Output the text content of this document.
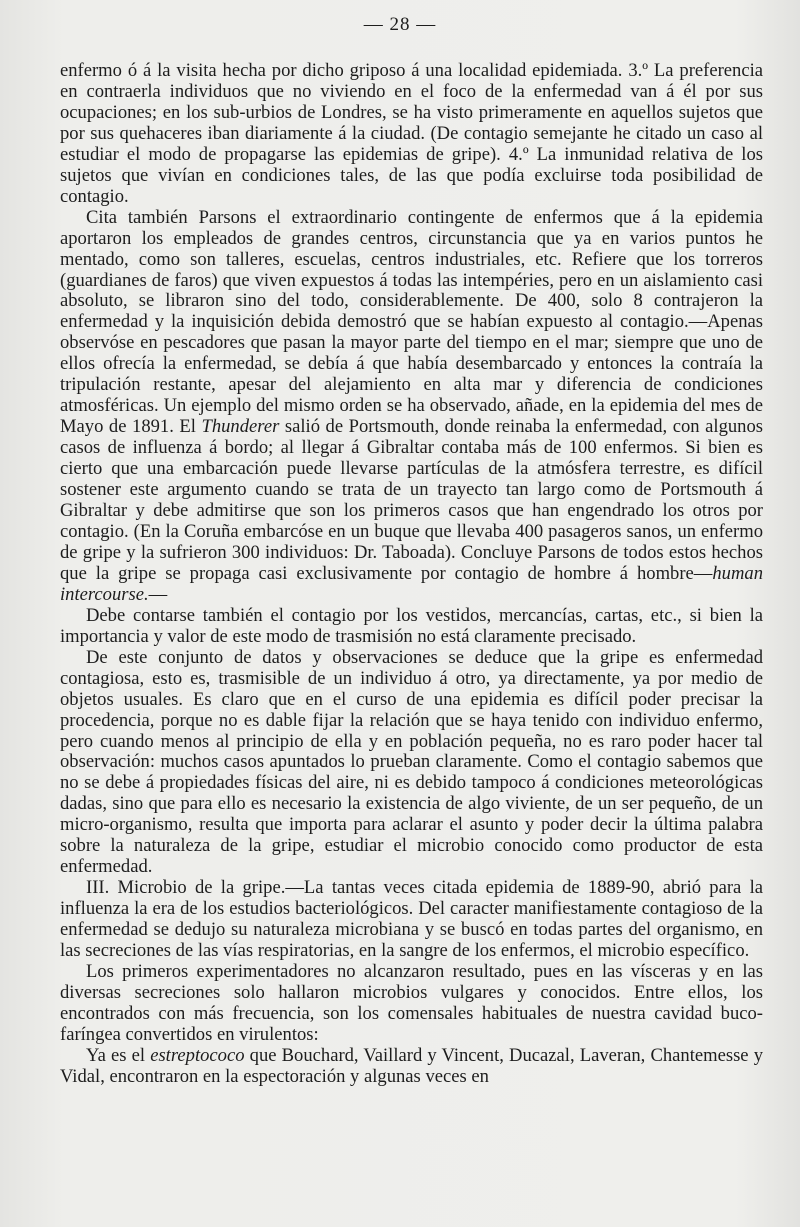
— 28 —

enfermo ó á la visita hecha por dicho griposo á una localidad epidemiada. 3.º La preferencia en contraerla individuos que no viviendo en el foco de la enfermedad van á él por sus ocupaciones; en los sub-urbios de Londres, se ha visto primeramente en aquellos sujetos que por sus quehaceres iban diariamente á la ciudad. (De contagio semejante he citado un caso al estudiar el modo de propagarse las epidemias de gripe). 4.º La inmunidad relativa de los sujetos que vivían en condiciones tales, de las que podía excluirse toda posibilidad de contagio.

Cita también Parsons el extraordinario contingente de enfermos que á la epidemia aportaron los empleados de grandes centros, circunstancia que ya en varios puntos he mentado, como son talleres, escuelas, centros industriales, etc. Refiere que los torreros (guardianes de faros) que viven expuestos á todas las intempéries, pero en un aislamiento casi absoluto, se libraron sino del todo, considerablemente. De 400, solo 8 contrajeron la enfermedad y la inquisición debida demostró que se habían expuesto al contagio.—Apenas observóse en pescadores que pasan la mayor parte del tiempo en el mar; siempre que uno de ellos ofrecía la enfermedad, se debía á que había desembarcado y entonces la contraía la tripulación restante, apesar del alejamiento en alta mar y diferencia de condiciones atmosféricas. Un ejemplo del mismo orden se ha observado, añade, en la epidemia del mes de Mayo de 1891. El Thunderer salió de Portsmouth, donde reinaba la enfermedad, con algunos casos de influenza á bordo; al llegar á Gibraltar contaba más de 100 enfermos. Si bien es cierto que una embarcación puede llevarse partículas de la atmósfera terrestre, es difícil sostener este argumento cuando se trata de un trayecto tan largo como de Portsmouth á Gibraltar y debe admitirse que son los primeros casos que han engendrado los otros por contagio. (En la Coruña embarcóse en un buque que llevaba 400 pasageros sanos, un enfermo de gripe y la sufrieron 300 individuos: Dr. Taboada). Concluye Parsons de todos estos hechos que la gripe se propaga casi exclusivamente por contagio de hombre á hombre—human intercourse.—

Debe contarse también el contagio por los vestidos, mercancías, cartas, etc., si bien la importancia y valor de este modo de trasmisión no está claramente precisado.

De este conjunto de datos y observaciones se deduce que la gripe es enfermedad contagiosa, esto es, trasmisible de un individuo á otro, ya directamente, ya por medio de objetos usuales. Es claro que en el curso de una epidemia es difícil poder precisar la procedencia, porque no es dable fijar la relación que se haya tenido con individuo enfermo, pero cuando menos al principio de ella y en población pequeña, no es raro poder hacer tal observación: muchos casos apuntados lo prueban claramente. Como el contagio sabemos que no se debe á propiedades físicas del aire, ni es debido tampoco á condiciones meteorológicas dadas, sino que para ello es necesario la existencia de algo viviente, de un ser pequeño, de un micro-organismo, resulta que importa para aclarar el asunto y poder decir la última palabra sobre la naturaleza de la gripe, estudiar el microbio conocido como productor de esta enfermedad.

III. Microbio de la gripe.—La tantas veces citada epidemia de 1889-90, abrió para la influenza la era de los estudios bacteriológicos. Del caracter manifiestamente contagioso de la enfermedad se dedujo su naturaleza microbiana y se buscó en todas partes del organismo, en las secreciones de las vías respiratorias, en la sangre de los enfermos, el microbio específico.

Los primeros experimentadores no alcanzaron resultado, pues en las vísceras y en las diversas secreciones solo hallaron microbios vulgares y conocidos. Entre ellos, los encontrados con más frecuencia, son los comensales habituales de nuestra cavidad buco-faríngea convertidos en virulentos:

Ya es el estreptococo que Bouchard, Vaillard y Vincent, Ducazal, Laveran, Chantemesse y Vidal, encontraron en la espectoración y algunas veces en
